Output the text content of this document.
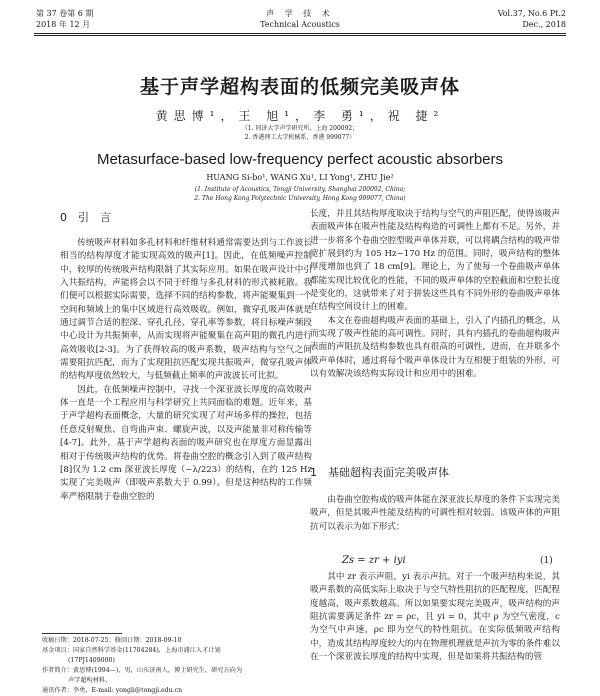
第 37 卷第 6 期
2018 年 12 月
声 学 技 术
Technical Acoustics
Vol.37, No.6 Pt.2
Dec., 2018
基于声学超构表面的低频完美吸声体
黄思博¹，王 旭¹，李 勇¹，祝 捷²
（1. 同济大学声学研究所，上海 200092；
2. 香港理工大学机械系，香港 999077）
Metasurface-based low-frequency perfect acoustic absorbers
HUANG Si-bo¹, WANG Xu¹, LI Yong¹, ZHU Jie²
(1. Institute of Acoustics, Tongji University, Shanghai 200092, China;
2. The Hong Kong Polytechnic University, Hong Kong 999077, China)
0　引　言

传统吸声材料如多孔材料和纤维材料通常需要达到与工作波长相当的结构厚度才能实现高效的吸声[1]。因此，在低频噪声控制中，较厚的传统吸声结构限制了其实际应用。如果在吸声设计中引入共振结构，声能将会以不同于纤维与多孔材料的形式被耗散。我们便可以根据实际需要，选择不同的结构参数，将声能聚集到一个空间和频域上的集中区域进行高效吸收。例如，微穿孔吸声体就是通过调节合适的腔深、穿孔孔径、穿孔率等参数，将目标噪声频段中心设计为共振频率，从而实现将声能聚集在高声阻的微孔内进行高效吸收[2-3]。为了获得较高的吸声系数，吸声结构与空气之间需要阻抗匹配，而为了实现阻抗匹配实现共振吸声，微穿孔吸声体的结构厚度依然较大，与低频截止频率的声波波长可比拟。

因此，在低频噪声控制中，寻找一个深亚波长厚度的高效吸声体一直是一个工程应用与科学研究上共同面临的难题。近年来，基于声学超构表面概念，大量的研究实现了对声场多样的操控，包括任意反射聚焦、自弯曲声束、螺旋声波，以及声能量非对称传输等[4-7]。此外，基于声学超构表面的吸声研究也在厚度方面显露出相对于传统吸声结构的优势。将卷曲空腔的概念引入到了吸声结构[8]仅为 1.2 cm 深亚波长厚度（~λ/223）的结构，在约 125 Hz 实现了完美吸声（即吸声系数大于 0.99）。但是这种结构的工作频率严格限制于卷曲空腔的

长度，并且其结构厚度取决于结构与空气的声阻匹配，使得该吸声表面吸声体在吸声性能及结构构造的可调性上都有不足。另外，并进一步将多个卷曲空腔型吸声单体并联，可以将耦合结构的吸声带宽扩展到约为 105 Hz~170 Hz 的范围。同时，吸声结构的整体厚度增加也到了 18 cm[9]。理论上，为了使每一个卷曲吸声单体都能实现比较优化的性能，不同的吸声单体的空腔截面和空腔长度是变化的，这就带来了对于拼装这些具有不同外形的卷曲吸声单体在结构空间设计上的困难。

本文在卷曲超构吸声表面的基础上，引入了内插孔的概念，从而实现了吸声性能的高可调性。同时，具有内插孔的卷曲超构吸声表面的声阻抗及结构参数也具有很高的可调性，进而，在并联多个吸声单体时，通过将每个吸声单体设计为互相便于组装的外形，可以有效解决该结构实际设计和应用中的困难。

1　基础超构表面完美吸声体

由卷曲空腔构成的吸声体能在深亚波长厚度的条件下实现完美吸声，但是其吸声性能及结构的可调性相对较弱。该吸声体的声阻抗可以表示为如下形式：

Zs = zr + iyi	(1)

其中 zr 表示声阻，yi 表示声抗。对于一个吸声结构来说，其吸声系数的高低实际上取决于与空气特性阻抗的匹配程度，匹配程度越高，吸声系数越高。所以如果要实现完美吸声，吸声结构的声阻抗需要满足条件 zr = ρc，且 yi = 0，其中 ρ 为空气密度，c 为空气中声速，ρc 即为空气的特性阻抗。在实际低频吸声结构中，造成其结构厚度较大的内在物理机理就是声抗为零的条件难以在一个深亚波长厚度的结构中实现，但是如果将共振结构的管

收稿日期：2018-07-25；修回日期：2018-09-10
基金项目：国家自然科学基金(11704284)，上海市浦江人才计划
(17PJ1409000)
作者简介：黄思博(1994—)，男，山东济南人，博士研究生，研究方向为
声学超构材料。
通讯作者：李勇，E-mail: yongli@tongji.edu.cn
